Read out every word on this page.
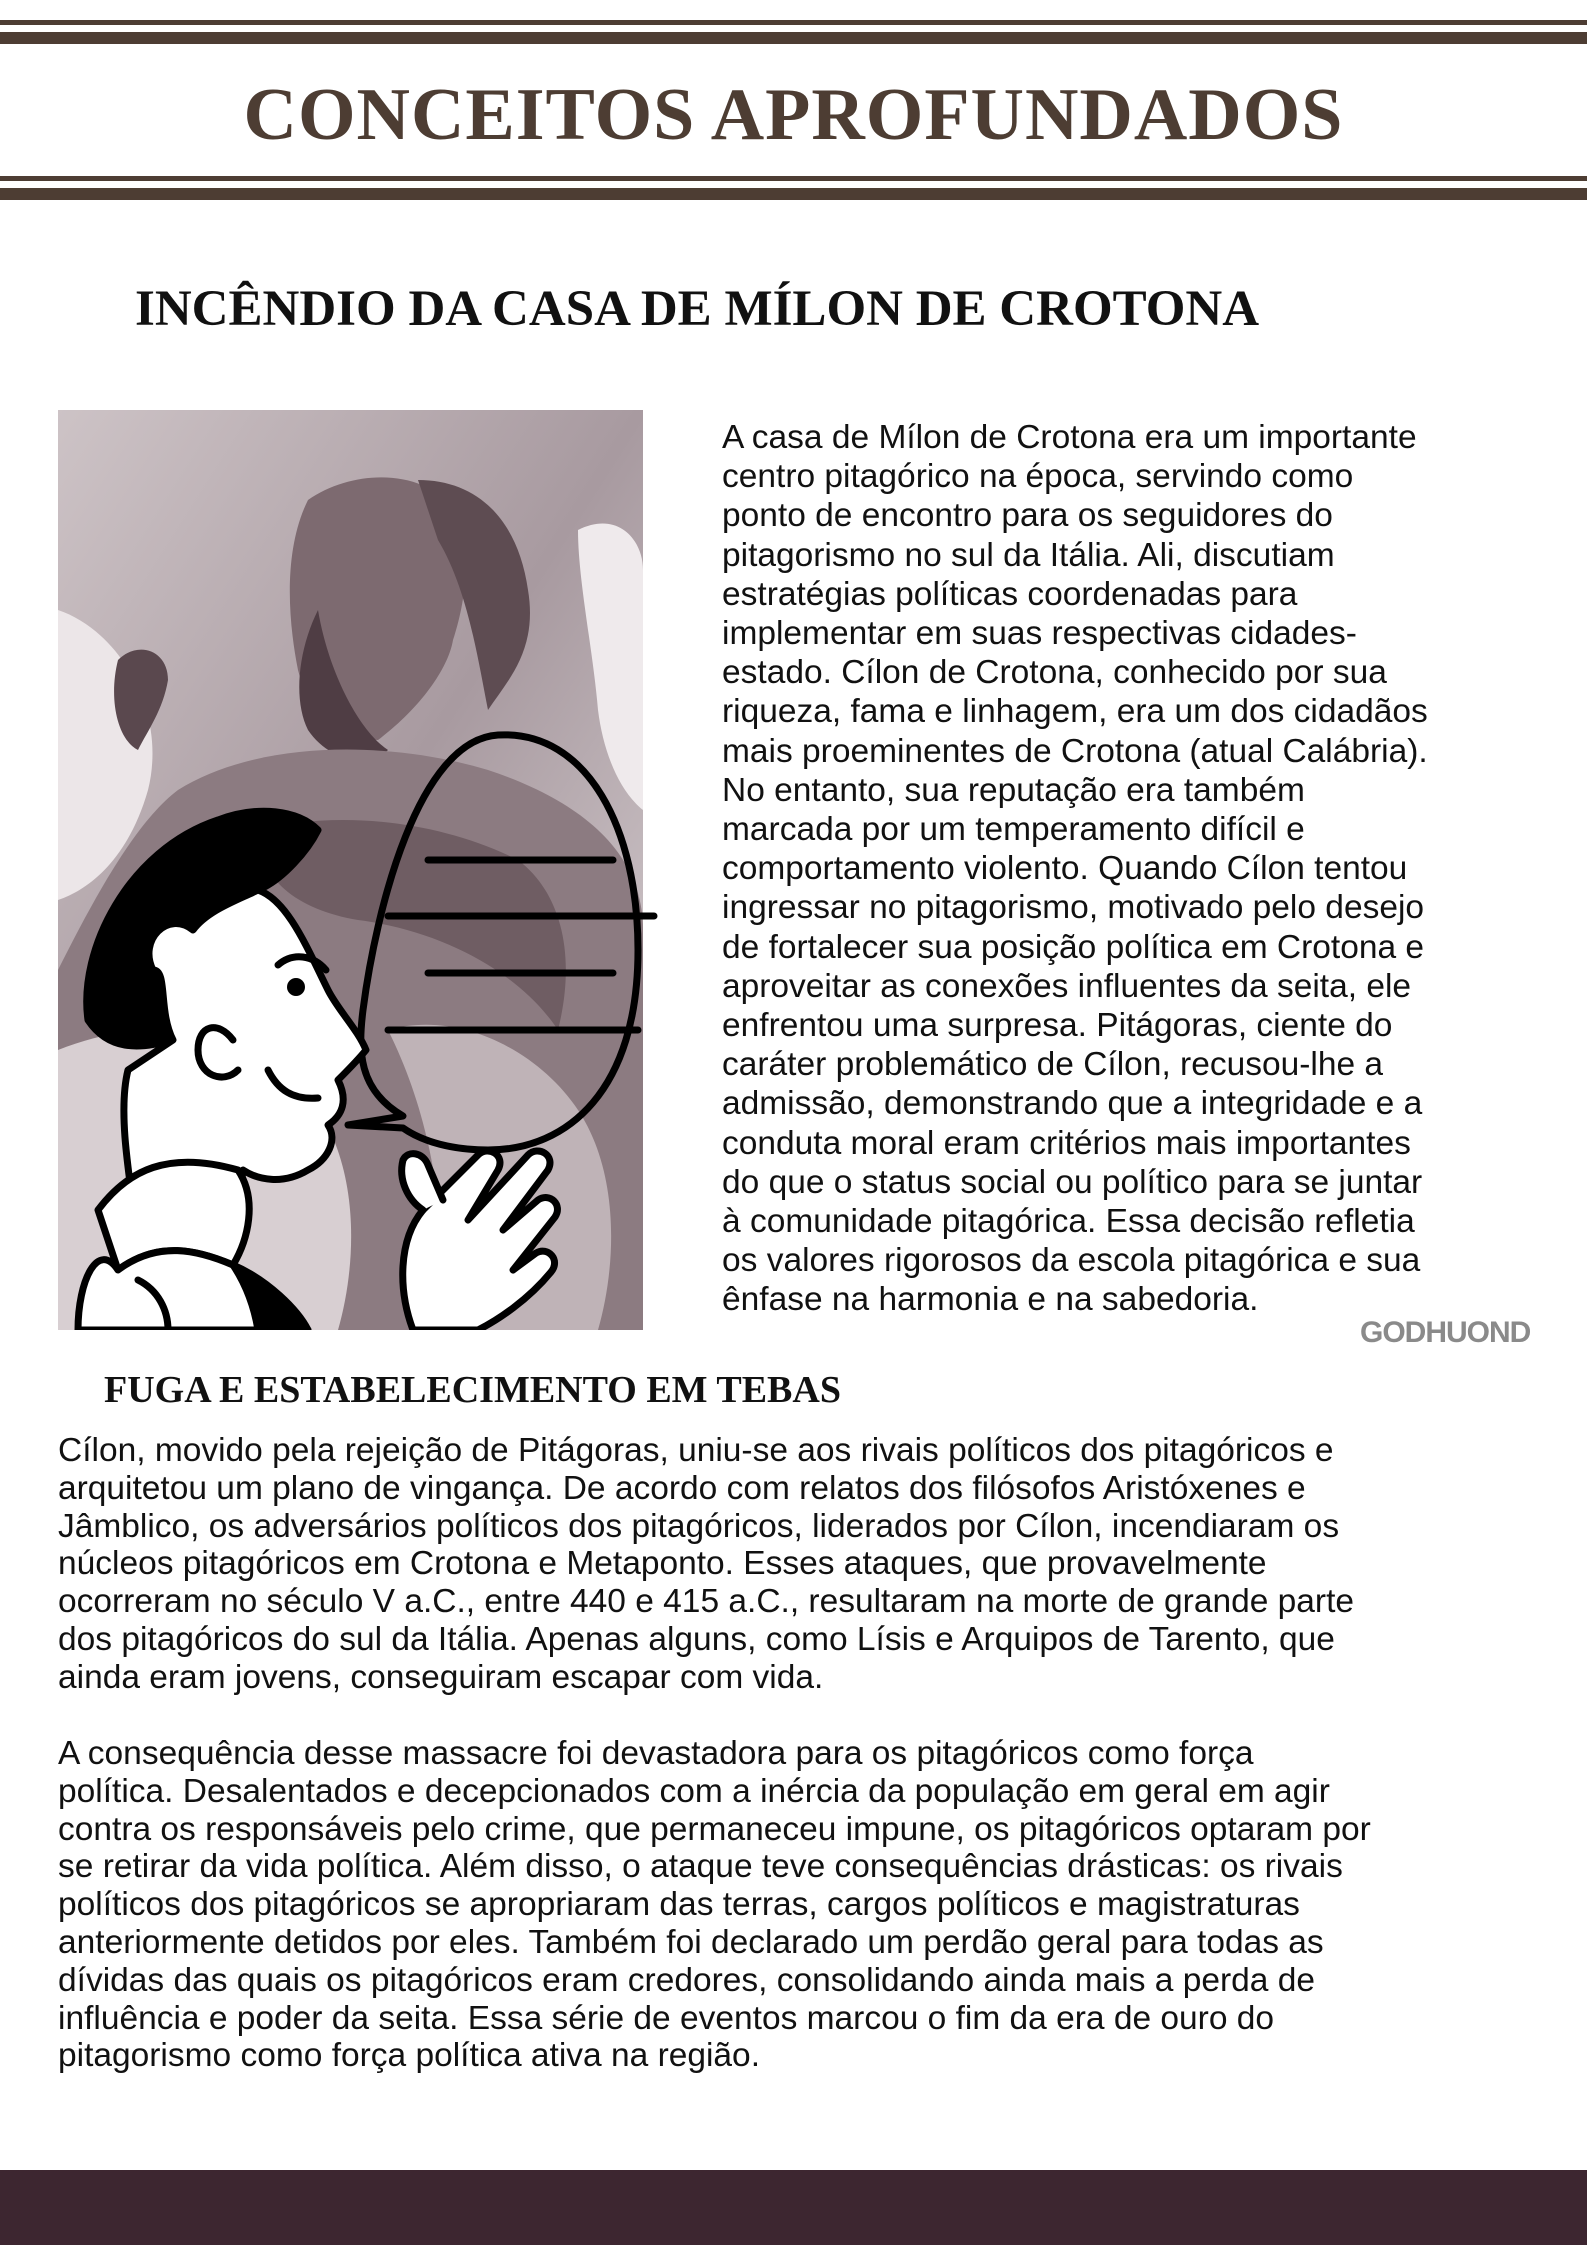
CONCEITOS APROFUNDADOS
INCÊNDIO DA CASA DE MÍLON DE CROTONA
A casa de Mílon de Crotona era um importante
centro pitagórico na época, servindo como
ponto de encontro para os seguidores do
pitagorismo no sul da Itália. Ali, discutiam
estratégias políticas coordenadas para
implementar em suas respectivas cidades-
estado. Cílon de Crotona, conhecido por sua
riqueza, fama e linhagem, era um dos cidadãos
mais proeminentes de Crotona (atual Calábria).
No entanto, sua reputação era também
marcada por um temperamento difícil e
comportamento violento. Quando Cílon tentou
ingressar no pitagorismo, motivado pelo desejo
de fortalecer sua posição política em Crotona e
aproveitar as conexões influentes da seita, ele
enfrentou uma surpresa. Pitágoras, ciente do
caráter problemático de Cílon, recusou-lhe a
admissão, demonstrando que a integridade e a
conduta moral eram critérios mais importantes
do que o status social ou político para se juntar
à comunidade pitagórica. Essa decisão refletia
os valores rigorosos da escola pitagórica e sua
ênfase na harmonia e na sabedoria.
GODHUOND
FUGA E ESTABELECIMENTO EM TEBAS
Cílon, movido pela rejeição de Pitágoras, uniu-se aos rivais políticos dos pitagóricos e
arquitetou um plano de vingança. De acordo com relatos dos filósofos Aristóxenes e
Jâmblico, os adversários políticos dos pitagóricos, liderados por Cílon, incendiaram os
núcleos pitagóricos em Crotona e Metaponto. Esses ataques, que provavelmente
ocorreram no século V a.C., entre 440 e 415 a.C., resultaram na morte de grande parte
dos pitagóricos do sul da Itália. Apenas alguns, como Lísis e Arquipos de Tarento, que
ainda eram jovens, conseguiram escapar com vida.
A consequência desse massacre foi devastadora para os pitagóricos como força
política. Desalentados e decepcionados com a inércia da população em geral em agir
contra os responsáveis pelo crime, que permaneceu impune, os pitagóricos optaram por
se retirar da vida política. Além disso, o ataque teve consequências drásticas: os rivais
políticos dos pitagóricos se apropriaram das terras, cargos políticos e magistraturas
anteriormente detidos por eles. Também foi declarado um perdão geral para todas as
dívidas das quais os pitagóricos eram credores, consolidando ainda mais a perda de
influência e poder da seita. Essa série de eventos marcou o fim da era de ouro do
pitagorismo como força política ativa na região.
